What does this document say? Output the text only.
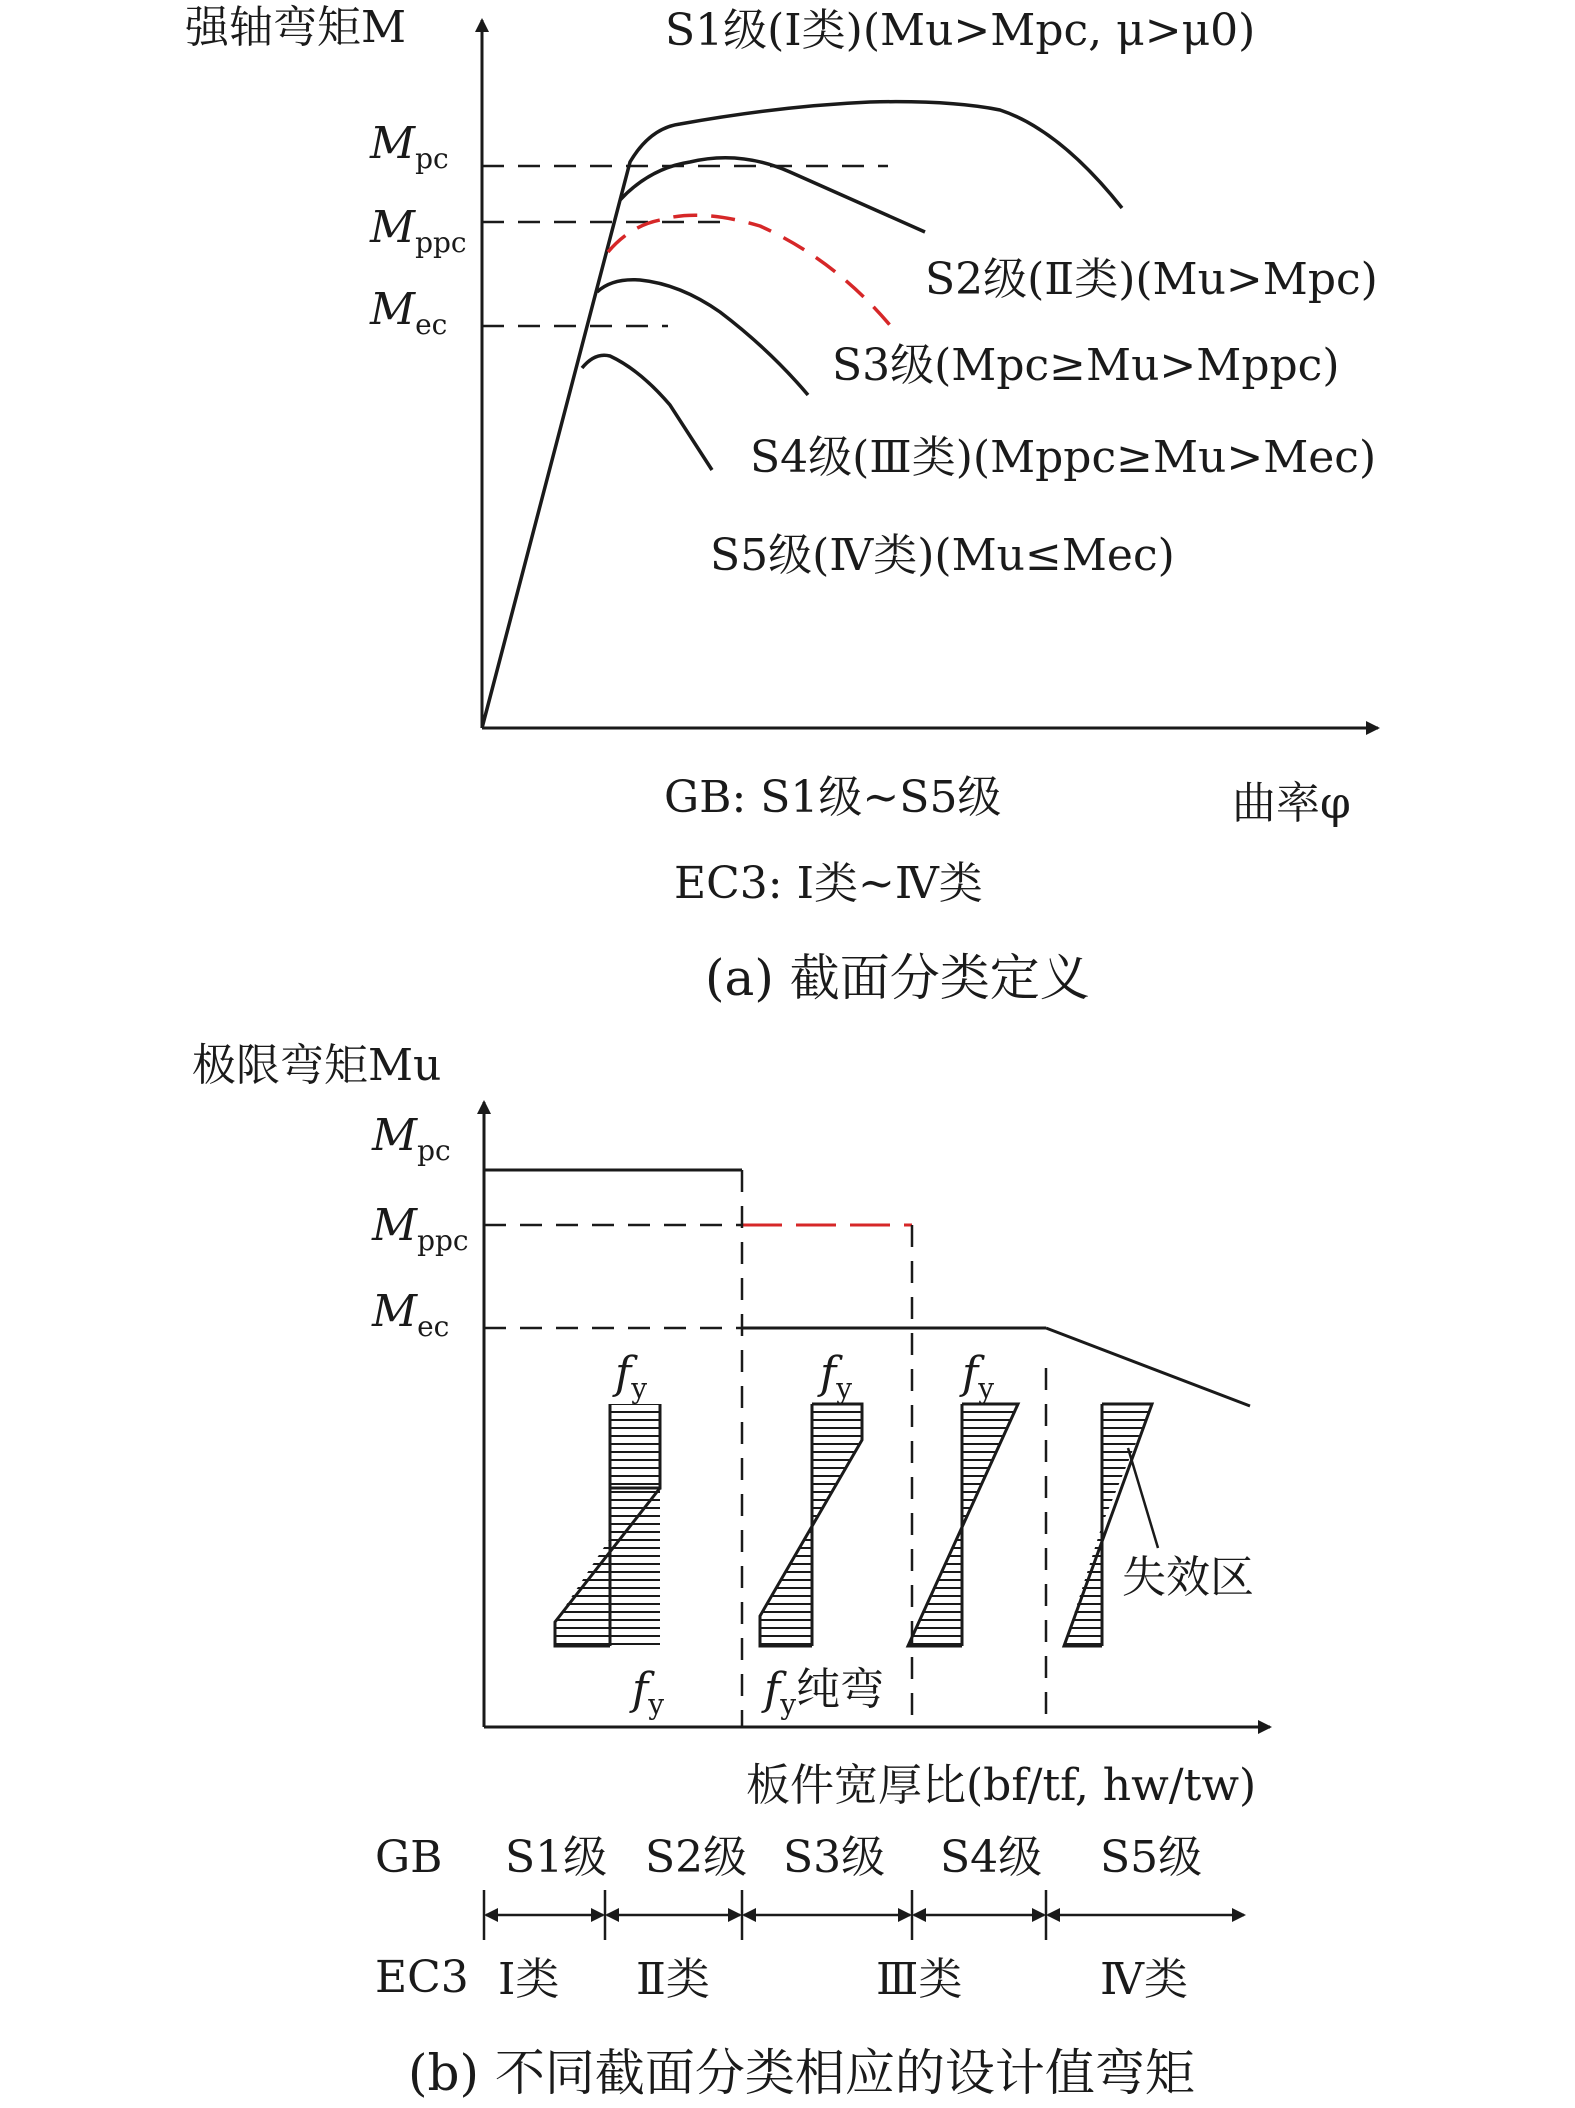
强轴弯矩M
Mpc
Mppc
Mec
S1级(Ⅰ类)(Mu>Mpc, μ>μ0)
S2级(Ⅱ类)(Mu>Mpc)
S3级(Mpc≥Mu>Mppc)
S4级(Ⅲ类)(Mppc≥Mu>Mec)
S5级(Ⅳ类)(Mu≤Mec)
曲率φ
GB: S1级~S5级
EC3: Ⅰ类~Ⅳ类
(a) 截面分类定义
极限弯矩Mu
Mpc
Mppc
Mec
fy	fy fy
fy fy纯弯
失效区
板件宽厚比(bf/tf, hw/tw)
GB S1级 S2级 S3级 S4级 S5级
EC3 Ⅰ类 Ⅱ类	Ⅲ类	Ⅳ类
(b) 不同截面分类相应的设计值弯矩
